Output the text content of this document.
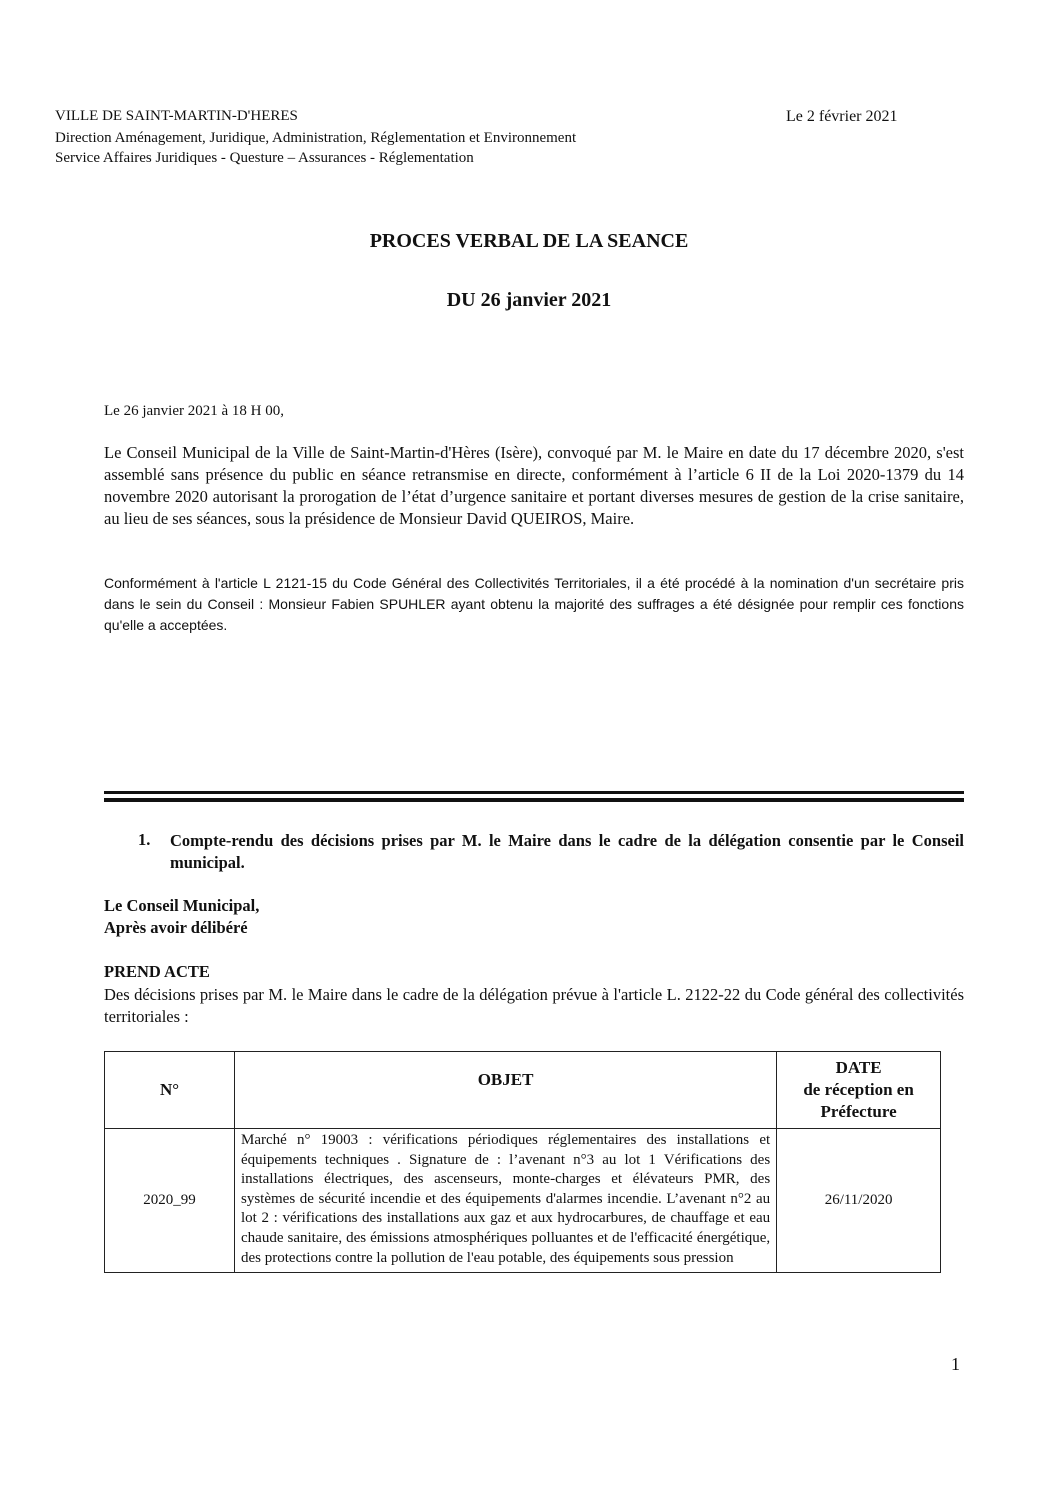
VILLE DE SAINT-MARTIN-D'HERES
Direction Aménagement, Juridique, Administration, Réglementation et Environnement
Service Affaires Juridiques - Questure – Assurances - Réglementation
Le 2 février 2021
PROCES VERBAL DE LA SEANCE
DU 26 janvier 2021
Le 26 janvier 2021 à 18 H 00,
Le Conseil Municipal de la Ville de Saint-Martin-d'Hères (Isère), convoqué par M. le Maire en date du 17 décembre 2020, s'est assemblé sans présence du public en séance retransmise en directe, conformément à l’article 6 II de la Loi 2020-1379 du 14 novembre 2020 autorisant la prorogation de l’état d’urgence sanitaire et portant diverses mesures de gestion de la crise sanitaire, au lieu de ses séances, sous la présidence de Monsieur David QUEIROS, Maire.
Conformément à l'article L 2121-15 du Code Général des Collectivités Territoriales, il a été procédé à la nomination d'un secrétaire pris dans le sein du Conseil : Monsieur Fabien SPUHLER ayant obtenu la majorité des suffrages a été désignée pour remplir ces fonctions qu'elle a acceptées.
1. Compte-rendu des décisions prises par M. le Maire dans le cadre de la délégation consentie par le Conseil municipal.
Le Conseil Municipal,
Après avoir délibéré
PREND ACTE
Des décisions prises par M. le Maire dans le cadre de la délégation prévue à l'article L. 2122-22 du Code général des collectivités territoriales :
N°	OBJET	DATE
de réception en
Préfecture

2020_99	Marché n° 19003 : vérifications périodiques réglementaires des installations et équipements techniques . Signature de : l’avenant n°3 au lot 1 Vérifications des installations électriques, des ascenseurs, monte-charges et élévateurs PMR, des systèmes de sécurité incendie et des équipements d'alarmes incendie. L’avenant n°2 au lot 2 : vérifications des installations aux gaz et aux hydrocarbures, de chauffage et eau chaude sanitaire, des émissions atmosphériques polluantes et de l'efficacité énergétique, des protections contre la pollution de l'eau potable, des équipements sous pression	26/11/2020
1
